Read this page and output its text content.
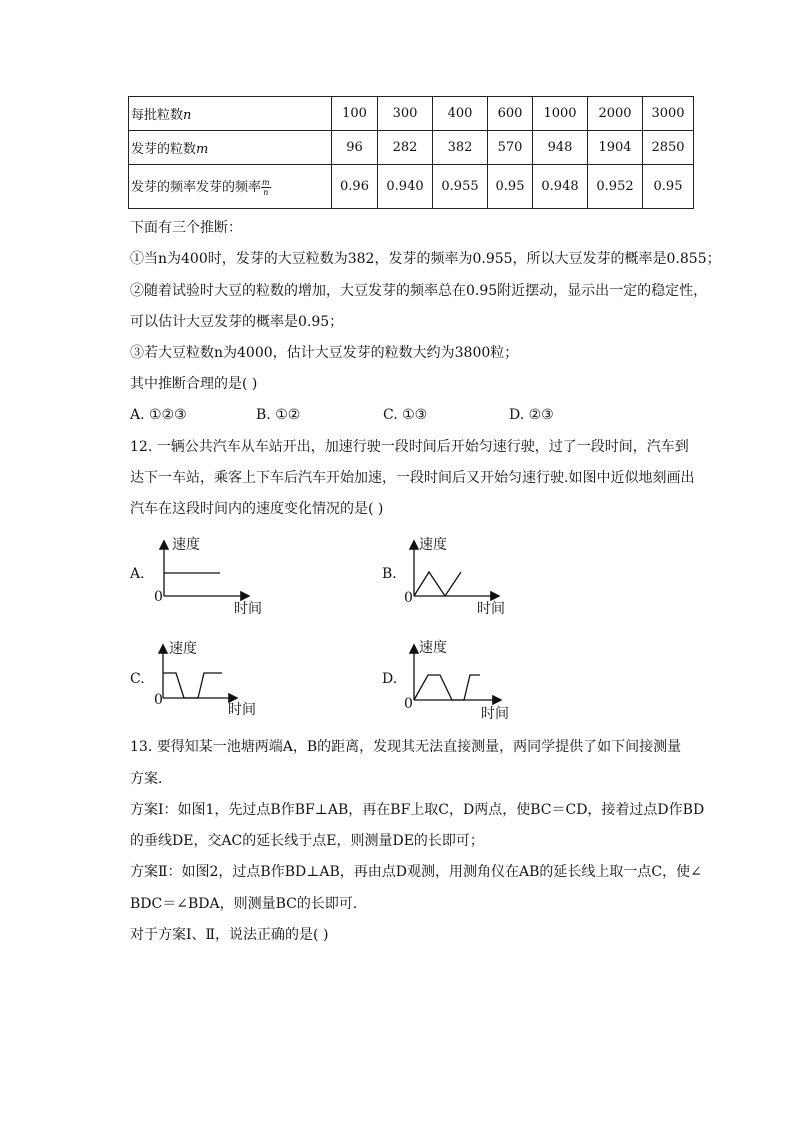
每批粒数n	100	300	400	600	1000	2000	3000
发芽的粒数m	96	282	382	570	948	1904	2850
发芽的频率发芽的频率 $\frac{m}{n}$	0.96	0.940	0.955	0.95	0.948	0.952	0.95
下面有三个推断：
①当n为400时，发芽的大豆粒数为382，发芽的频率为0.955，所以大豆发芽的概率是0.855；
②随着试验时大豆的粒数的增加，大豆发芽的频率总在0.95附近摆动，显示出一定的稳定性，
可以估计大豆发芽的概率是0.95；
③若大豆粒数n为4000，估计大豆发芽的粒数大约为3800粒；
其中推断合理的是( )
A. ①②③	B. ①②	C. ①③	D. ②③
12. 一辆公共汽车从车站开出，加速行驶一段时间后开始匀速行驶，过了一段时间，汽车到
达下一车站，乘客上下车后汽车开始加速，一段时间后又开始匀速行驶.如图中近似地刻画出
汽车在这段时间内的速度变化情况的是( )
A.
速度
0
时间
B.
速度
0
时间
C.
速度
0
时间
D.
速度
0
时间
13. 要得知某一池塘两端A，B的距离，发现其无法直接测量，两同学提供了如下间接测量
方案．
方案Ⅰ：如图1，先过点B作BF⊥AB，再在BF上取C，D两点，使BC＝CD，接着过点D作BD
的垂线DE，交AC的延长线于点E，则测量DE的长即可；
方案Ⅱ：如图2，过点B作BD⊥AB，再由点D观测，用测角仪在AB的延长线上取一点C，使∠
BDC＝∠BDA，则测量BC的长即可．
对于方案Ⅰ、Ⅱ，说法正确的是( )
